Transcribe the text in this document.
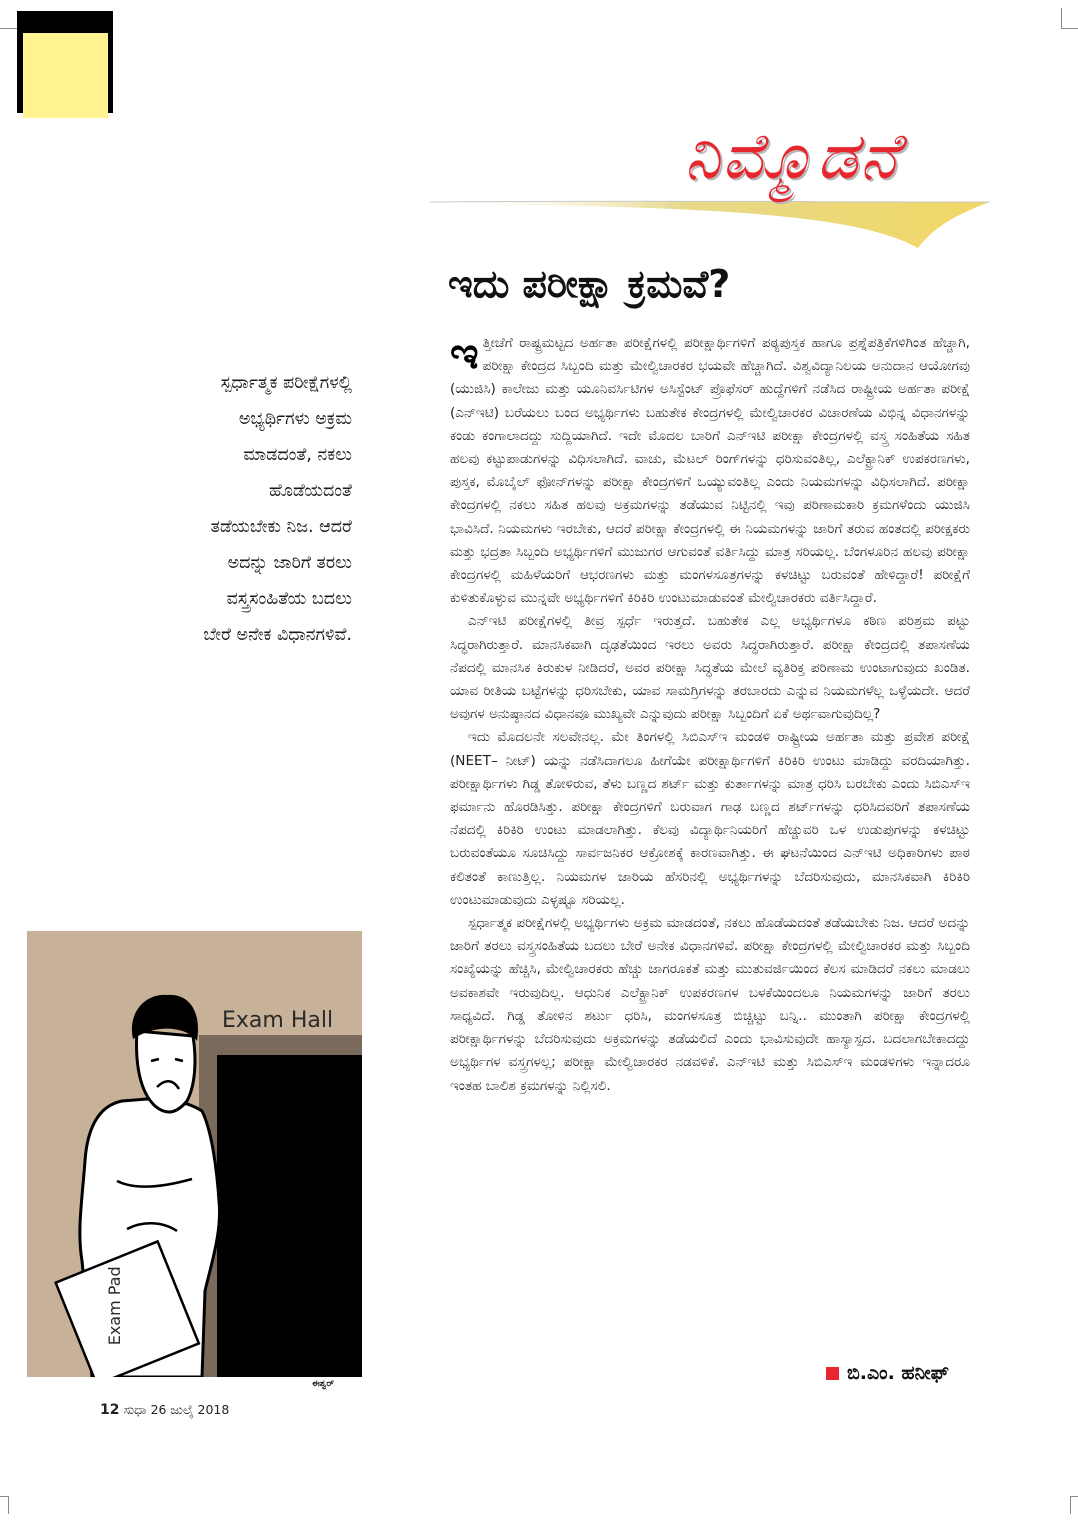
ನಿಮ್ಮೊಡನೆ
ಇದು ಪರೀಕ್ಷಾ ಕ್ರಮವೆ?

ಇತ್ತೀಚೆಗೆ ರಾಷ್ಟ್ರಮಟ್ಟದ ಅರ್ಹತಾ ಪರೀಕ್ಷೆಗಳಲ್ಲಿ ಪರೀಕ್ಷಾರ್ಥಿಗಳಿಗೆ ಪಠ್ಯಪುಸ್ತಕ ಹಾಗೂ ಪ್ರಶ್ನೆಪತ್ರಿಕೆಗಳಿಗಿಂತ ಹೆಚ್ಚಾಗಿ, ಪರೀಕ್ಷಾ ಕೇಂದ್ರದ ಸಿಬ್ಬಂದಿ ಮತ್ತು ಮೇಲ್ವಿಚಾರಕರ ಭಯವೇ ಹೆಚ್ಚಾಗಿದೆ. ವಿಶ್ವವಿದ್ಯಾನಿಲಯ ಅನುದಾನ ಆಯೋಗವು (ಯುಜಿಸಿ) ಕಾಲೇಜು ಮತ್ತು ಯೂನಿವರ್ಸಿಟಿಗಳ ಅಸಿಸ್ಟೆಂಟ್ ಪ್ರೊಫೆಸರ್ ಹುದ್ದೆಗಳಿಗೆ ನಡೆಸಿದ ರಾಷ್ಟ್ರೀಯ ಅರ್ಹತಾ ಪರೀಕ್ಷೆ (ಎನ್‌ಇಟಿ) ಬರೆಯಲು ಬಂದ ಅಭ್ಯರ್ಥಿಗಳು ಬಹುತೇಕ ಕೇಂದ್ರಗಳಲ್ಲಿ ಮೇಲ್ವಿಚಾರಕರ ವಿಚಾರಣೆಯ ವಿಭಿನ್ನ ವಿಧಾನಗಳನ್ನು ಕಂಡು ಕಂಗಾಲಾದದ್ದು ಸುದ್ದಿಯಾಗಿದೆ. ಇದೇ ಮೊದಲ ಬಾರಿಗೆ ಎನ್‌ಇಟಿ ಪರೀಕ್ಷಾ ಕೇಂದ್ರಗಳಲ್ಲಿ ವಸ್ತ್ರ ಸಂಹಿತೆಯ ಸಹಿತ ಹಲವು ಕಟ್ಟುಪಾಡುಗಳನ್ನು ವಿಧಿಸಲಾಗಿದೆ. ವಾಚು, ಮೆಟಲ್ ರಿಂಗ್‌ಗಳನ್ನು ಧರಿಸುವಂತಿಲ್ಲ, ಎಲೆಕ್ಟ್ರಾನಿಕ್ ಉಪಕರಣಗಳು, ಪುಸ್ತಕ, ಮೊಬೈಲ್ ಫೋನ್‌ಗಳನ್ನು ಪರೀಕ್ಷಾ ಕೇಂದ್ರಗಳಿಗೆ ಒಯ್ಯುವಂತಿಲ್ಲ ಎಂದು ನಿಯಮಗಳನ್ನು ವಿಧಿಸಲಾಗಿದೆ. ಪರೀಕ್ಷಾ ಕೇಂದ್ರಗಳಲ್ಲಿ ನಕಲು ಸಹಿತ ಹಲವು ಅಕ್ರಮಗಳನ್ನು ತಡೆಯುವ ನಿಟ್ಟಿನಲ್ಲಿ ಇವು ಪರಿಣಾಮಕಾರಿ ಕ್ರಮಗಳೆಂದು ಯುಜಿಸಿ ಭಾವಿಸಿದೆ. ನಿಯಮಗಳು ಇರಬೇಕು, ಆದರೆ ಪರೀಕ್ಷಾ ಕೇಂದ್ರಗಳಲ್ಲಿ ಈ ನಿಯಮಗಳನ್ನು ಜಾರಿಗೆ ತರುವ ಹಂತದಲ್ಲಿ ಪರೀಕ್ಷಕರು ಮತ್ತು ಭದ್ರತಾ ಸಿಬ್ಬಂದಿ ಅಭ್ಯರ್ಥಿಗಳಿಗೆ ಮುಜುಗರ ಆಗುವಂತೆ ವರ್ತಿಸಿದ್ದು ಮಾತ್ರ ಸರಿಯಲ್ಲ. ಬೆಂಗಳೂರಿನ ಹಲವು ಪರೀಕ್ಷಾ ಕೇಂದ್ರಗಳಲ್ಲಿ ಮಹಿಳೆಯರಿಗೆ ಆಭರಣಗಳು ಮತ್ತು ಮಂಗಳಸೂತ್ರಗಳನ್ನು ಕಳಚಿಟ್ಟು ಬರುವಂತೆ ಹೇಳಿದ್ದಾರೆ! ಪರೀಕ್ಷೆಗೆ ಕುಳಿತುಕೊಳ್ಳುವ ಮುನ್ನವೇ ಅಭ್ಯರ್ಥಿಗಳಿಗೆ ಕಿರಿಕಿರಿ ಉಂಟುಮಾಡುವಂತೆ ಮೇಲ್ವಿಚಾರಕರು ವರ್ತಿಸಿದ್ದಾರೆ.

ಎನ್‌ಇಟಿ ಪರೀಕ್ಷೆಗಳಲ್ಲಿ ತೀವ್ರ ಸ್ಪರ್ಧೆ ಇರುತ್ತದೆ. ಬಹುತೇಕ ಎಲ್ಲ ಅಭ್ಯರ್ಥಿಗಳೂ ಕಠಿಣ ಪರಿಶ್ರಮ ಪಟ್ಟು ಸಿದ್ಧರಾಗಿರುತ್ತಾರೆ. ಮಾನಸಿಕವಾಗಿ ದೃಢತೆಯಿಂದ ಇರಲು ಅವರು ಸಿದ್ಧರಾಗಿರುತ್ತಾರೆ. ಪರೀಕ್ಷಾ ಕೇಂದ್ರದಲ್ಲಿ ತಪಾಸಣೆಯ ನೆಪದಲ್ಲಿ ಮಾನಸಿಕ ಕಿರುಕುಳ ನೀಡಿದರೆ, ಅವರ ಪರೀಕ್ಷಾ ಸಿದ್ಧತೆಯ ಮೇಲೆ ವ್ಯತಿರಿಕ್ತ ಪರಿಣಾಮ ಉಂಟಾಗುವುದು ಖಂಡಿತ. ಯಾವ ರೀತಿಯ ಬಟ್ಟೆಗಳನ್ನು ಧರಿಸಬೇಕು, ಯಾವ ಸಾಮಗ್ರಿಗಳನ್ನು ತರಬಾರದು ಎನ್ನುವ ನಿಯಮಗಳೆಲ್ಲ ಒಳ್ಳೆಯದೇ. ಆದರೆ ಅವುಗಳ ಅನುಷ್ಠಾನದ ವಿಧಾನವೂ ಮುಖ್ಯವೇ ಎನ್ನುವುದು ಪರೀಕ್ಷಾ ಸಿಬ್ಬಂದಿಗೆ ಏಕೆ ಅರ್ಥವಾಗುವುದಿಲ್ಲ?

ಇದು ಮೊದಲನೇ ಸಲವೇನಲ್ಲ. ಮೇ ತಿಂಗಳಲ್ಲಿ ಸಿಬಿಎಸ್‌ಇ ಮಂಡಳಿ ರಾಷ್ಟ್ರೀಯ ಅರ್ಹತಾ ಮತ್ತು ಪ್ರವೇಶ ಪರೀಕ್ಷೆ (NEET– ನೀಟ್) ಯನ್ನು ನಡೆಸಿದಾಗಲೂ ಹೀಗೆಯೇ ಪರೀಕ್ಷಾರ್ಥಿಗಳಿಗೆ ಕಿರಿಕಿರಿ ಉಂಟು ಮಾಡಿದ್ದು ವರದಿಯಾಗಿತ್ತು. ಪರೀಕ್ಷಾರ್ಥಿಗಳು ಗಿಡ್ಡ ತೋಳಿರುವ, ತೆಳು ಬಣ್ಣದ ಶರ್ಟ್ ಮತ್ತು ಕುರ್ತಾಗಳನ್ನು ಮಾತ್ರ ಧರಿಸಿ ಬರಬೇಕು ಎಂದು ಸಿಬಿಎಸ್‌ಇ ಫರ್ಮಾನು ಹೊರಡಿಸಿತ್ತು. ಪರೀಕ್ಷಾ ಕೇಂದ್ರಗಳಿಗೆ ಬರುವಾಗ ಗಾಢ ಬಣ್ಣದ ಶರ್ಟ್‌ಗಳನ್ನು ಧರಿಸಿದವರಿಗೆ ತಪಾಸಣೆಯ ನೆಪದಲ್ಲಿ ಕಿರಿಕಿರಿ ಉಂಟು ಮಾಡಲಾಗಿತ್ತು. ಕೆಲವು ವಿದ್ಯಾರ್ಥಿನಿಯರಿಗೆ ಹೆಚ್ಚುವರಿ ಒಳ ಉಡುಪುಗಳನ್ನು ಕಳಚಿಟ್ಟು ಬರುವಂತೆಯೂ ಸೂಚಿಸಿದ್ದು ಸಾರ್ವಜನಿಕರ ಆಕ್ರೋಶಕ್ಕೆ ಕಾರಣವಾಗಿತ್ತು. ಈ ಘಟನೆಯಿಂದ ಎನ್‌ಇಟಿ ಅಧಿಕಾರಿಗಳು ಪಾಠ ಕಲಿತಂತೆ ಕಾಣುತ್ತಿಲ್ಲ. ನಿಯಮಗಳ ಜಾರಿಯ ಹೆಸರಿನಲ್ಲಿ ಅಭ್ಯರ್ಥಿಗಳನ್ನು ಬೆದರಿಸುವುದು, ಮಾನಸಿಕವಾಗಿ ಕಿರಿಕಿರಿ ಉಂಟುಮಾಡುವುದು ಎಳ್ಳಷ್ಟೂ ಸರಿಯಲ್ಲ.

ಸ್ಪರ್ಧಾತ್ಮಕ ಪರೀಕ್ಷೆಗಳಲ್ಲಿ ಅಭ್ಯರ್ಥಿಗಳು ಅಕ್ರಮ ಮಾಡದಂತೆ, ನಕಲು ಹೊಡೆಯದಂತೆ ತಡೆಯಬೇಕು ನಿಜ. ಆದರೆ ಅದನ್ನು ಜಾರಿಗೆ ತರಲು ವಸ್ತ್ರಸಂಹಿತೆಯ ಬದಲು ಬೇರೆ ಅನೇಕ ವಿಧಾನಗಳಿವೆ. ಪರೀಕ್ಷಾ ಕೇಂದ್ರಗಳಲ್ಲಿ ಮೇಲ್ವಿಚಾರಕರ ಮತ್ತು ಸಿಬ್ಬಂದಿ ಸಂಖ್ಯೆಯನ್ನು ಹೆಚ್ಚಿಸಿ, ಮೇಲ್ವಿಚಾರಕರು ಹೆಚ್ಚು ಜಾಗರೂಕತೆ ಮತ್ತು ಮುತುವರ್ಜಿಯಿಂದ ಕೆಲಸ ಮಾಡಿದರೆ ನಕಲು ಮಾಡಲು ಅವಕಾಶವೇ ಇರುವುದಿಲ್ಲ. ಆಧುನಿಕ ಎಲೆಕ್ಟ್ರಾನಿಕ್ ಉಪಕರಣಗಳ ಬಳಕೆಯಿಂದಲೂ ನಿಯಮಗಳನ್ನು ಜಾರಿಗೆ ತರಲು ಸಾಧ್ಯವಿದೆ. ಗಿಡ್ಡ ತೋಳಿನ ಶರ್ಟು ಧರಿಸಿ, ಮಂಗಳಸೂತ್ರ ಬಿಚ್ಚಿಟ್ಟು ಬನ್ನಿ.. ಮುಂತಾಗಿ ಪರೀಕ್ಷಾ ಕೇಂದ್ರಗಳಲ್ಲಿ ಪರೀಕ್ಷಾರ್ಥಿಗಳನ್ನು ಬೆದರಿಸುವುದು ಅಕ್ರಮಗಳನ್ನು ತಡೆಯಲಿದೆ ಎಂದು ಭಾವಿಸುವುದೇ ಹಾಸ್ಯಾಸ್ಪದ. ಬದಲಾಗಬೇಕಾದದ್ದು ಅಭ್ಯರ್ಥಿಗಳ ವಸ್ತ್ರಗಳಲ್ಲ; ಪರೀಕ್ಷಾ ಮೇಲ್ವಿಚಾರಕರ ನಡವಳಿಕೆ. ಎನ್‌ಇಟಿ ಮತ್ತು ಸಿಬಿಎಸ್‌ಇ ಮಂಡಳಿಗಳು ಇನ್ನಾದರೂ ಇಂತಹ ಬಾಲಿಶ ಕ್ರಮಗಳನ್ನು ನಿಲ್ಲಿಸಲಿ.

ಬಿ.ಎಂ. ಹನೀಫ್
ಸ್ಪರ್ಧಾತ್ಮಕ ಪರೀಕ್ಷೆಗಳಲ್ಲಿ
ಅಭ್ಯರ್ಥಿಗಳು ಅಕ್ರಮ
ಮಾಡದಂತೆ, ನಕಲು
ಹೊಡೆಯದಂತೆ
ತಡೆಯಬೇಕು ನಿಜ. ಆದರೆ
ಅದನ್ನು ಜಾರಿಗೆ ತರಲು
ವಸ್ತ್ರಸಂಹಿತೆಯ ಬದಲು
ಬೇರೆ ಅನೇಕ ವಿಧಾನಗಳಿವೆ.
Exam Hall
Exam Pad
ಈಶ್ವರ್
12 ಸುಧಾ 26 ಜುಲೈ 2018
